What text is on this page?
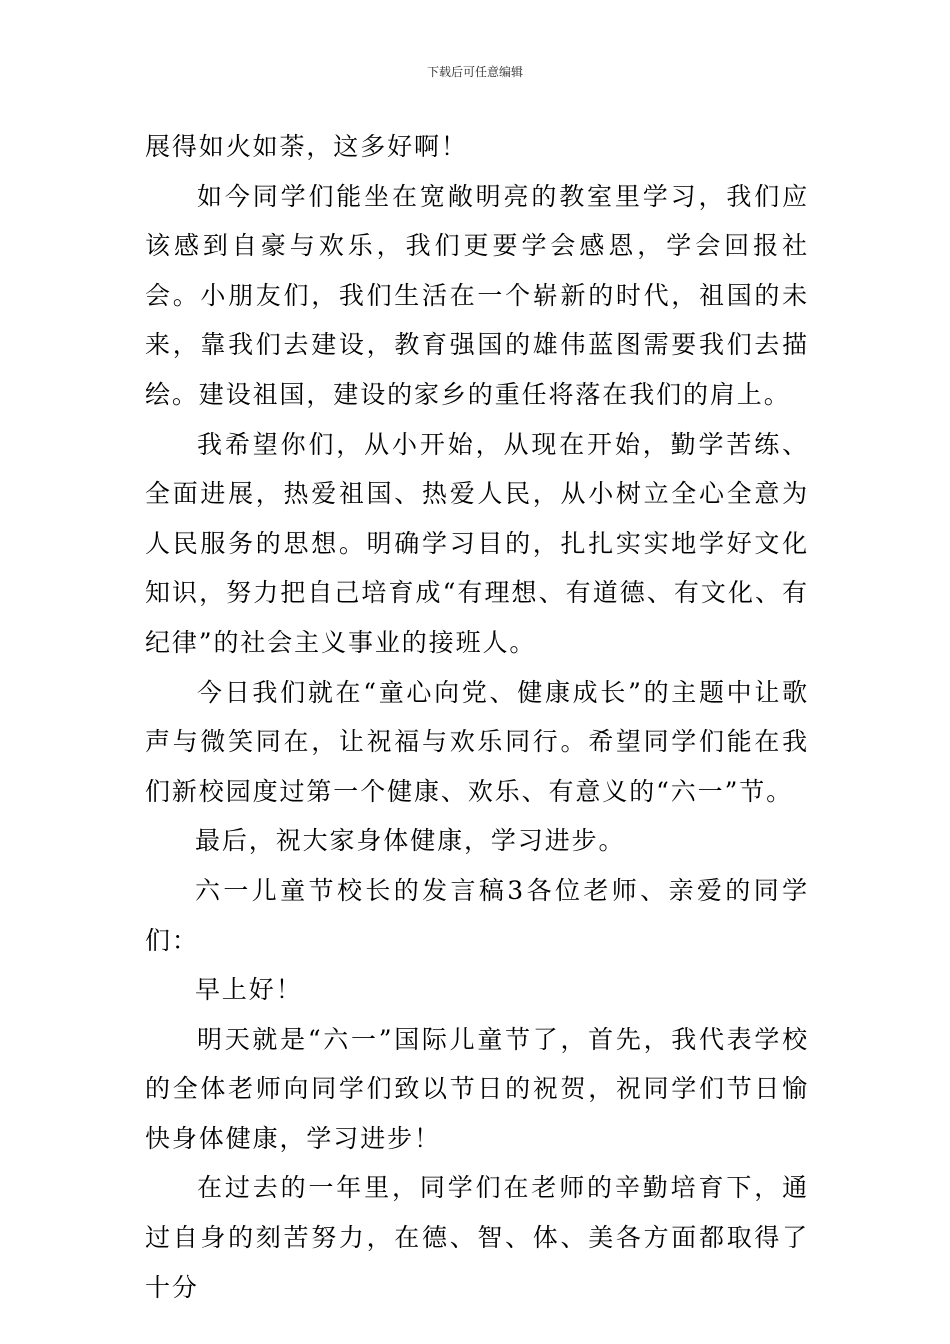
下载后可任意编辑

展得如火如荼，这多好啊！

如今同学们能坐在宽敞明亮的教室里学习，我们应该感到自豪与欢乐，我们更要学会感恩，学会回报社会。小朋友们，我们生活在一个崭新的时代，祖国的未来，靠我们去建设，教育强国的雄伟蓝图需要我们去描绘。建设祖国，建设的家乡的重任将落在我们的肩上。

我希望你们，从小开始，从现在开始，勤学苦练、全面进展，热爱祖国、热爱人民，从小树立全心全意为人民服务的思想。明确学习目的，扎扎实实地学好文化知识，努力把自己培育成“有理想、有道德、有文化、有纪律”的社会主义事业的接班人。

今日我们就在“童心向党、健康成长”的主题中让歌声与微笑同在，让祝福与欢乐同行。希望同学们能在我们新校园度过第一个健康、欢乐、有意义的“六一”节。

最后，祝大家身体健康，学习进步。

六一儿童节校长的发言稿3各位老师、亲爱的同学们：

早上好！

明天就是“六一”国际儿童节了，首先，我代表学校的全体老师向同学们致以节日的祝贺，祝同学们节日愉快身体健康，学习进步！

在过去的一年里，同学们在老师的辛勤培育下，通过自身的刻苦努力，在德、智、体、美各方面都取得了十分
